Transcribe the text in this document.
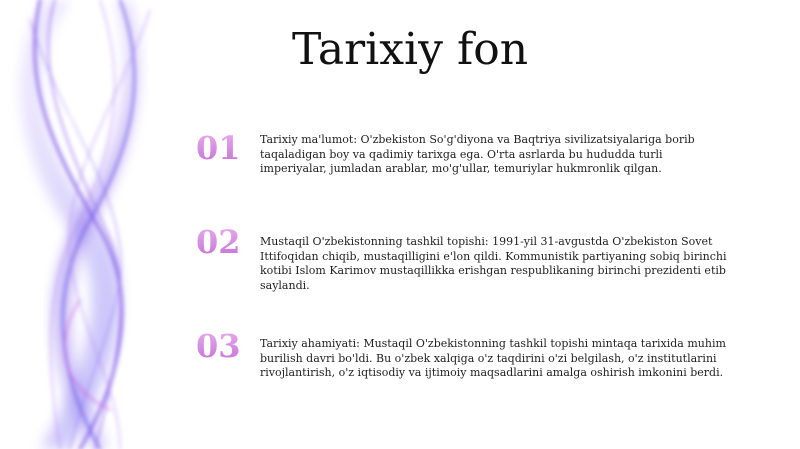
Tarixiy fon
01	Tarixiy ma'lumot: O'zbekiston So'g'diyona va Baqtriya sivilizatsiyalariga borib taqaladigan boy va qadimiy tarixga ega. O'rta asrlarda bu hududda turli imperiyalar, jumladan arablar, mo'g'ullar, temuriylar hukmronlik qilgan.

02	Mustaqil O'zbekistonning tashkil topishi: 1991-yil 31-avgustda O'zbekiston Sovet Ittifoqidan chiqib, mustaqilligini e'lon qildi. Kommunistik partiyaning sobiq birinchi kotibi Islom Karimov mustaqillikka erishgan respublikaning birinchi prezidenti etib saylandi.

03	Tarixiy ahamiyati: Mustaqil O'zbekistonning tashkil topishi mintaqa tarixida muhim burilish davri bo'ldi. Bu o'zbek xalqiga o'z taqdirini o'zi belgilash, o'z institutlarini rivojlantirish, o'z iqtisodiy va ijtimoiy maqsadlarini amalga oshirish imkonini berdi.
